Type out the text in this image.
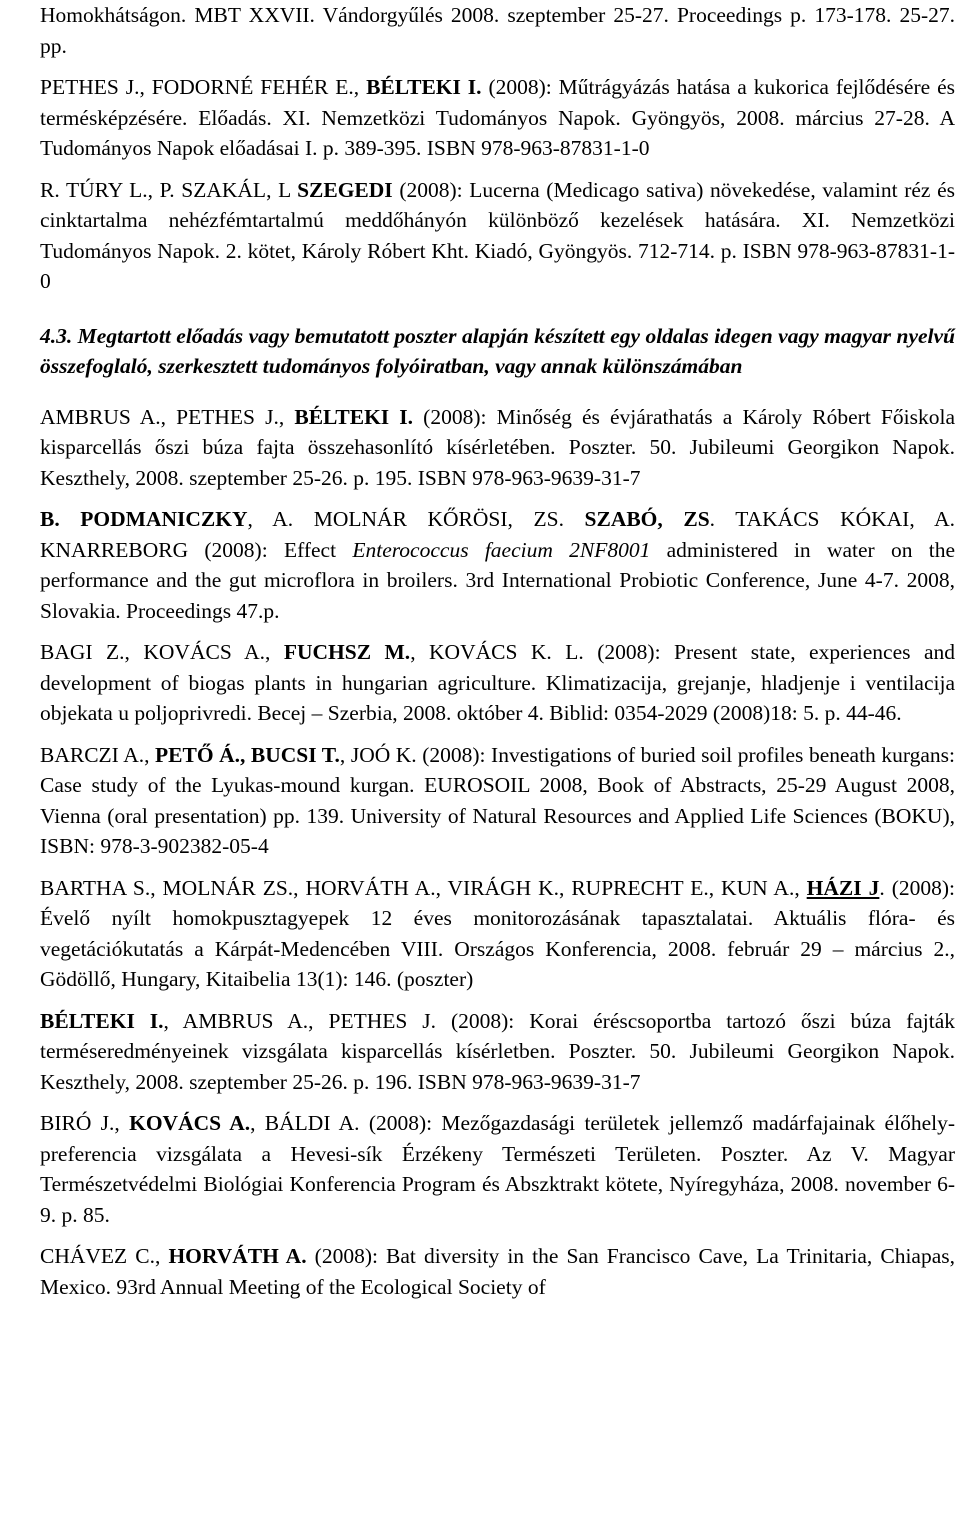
Homokhátságon. MBT XXVII. Vándorgyűlés 2008. szeptember 25-27. Proceedings p. 173-178. 25-27. pp.

PETHES J., FODORNÉ FEHÉR E., BÉLTEKI I. (2008): Műtrágyázás hatása a kukorica fejlődésére és termésképzésére. Előadás. XI. Nemzetközi Tudományos Napok. Gyöngyös, 2008. március 27-28. A Tudományos Napok előadásai I. p. 389-395. ISBN 978-963-87831-1-0

R. TÚRY L., P. SZAKÁL, L SZEGEDI (2008): Lucerna (Medicago sativa) növekedése, valamint réz és cinktartalma nehézfémtartalmú meddőhányón különböző kezelések hatására. XI. Nemzetközi Tudományos Napok. 2. kötet, Károly Róbert Kht. Kiadó, Gyöngyös. 712-714. p. ISBN 978-963-87831-1-0

4.3. Megtartott előadás vagy bemutatott poszter alapján készített egy oldalas idegen vagy magyar nyelvű összefoglaló, szerkesztett tudományos folyóiratban, vagy annak különszámában

AMBRUS A., PETHES J., BÉLTEKI I. (2008): Minőség és évjárathatás a Károly Róbert Főiskola kisparcellás őszi búza fajta összehasonlító kísérletében. Poszter. 50. Jubileumi Georgikon Napok. Keszthely, 2008. szeptember 25-26. p. 195. ISBN 978-963-9639-31-7

B. PODMANICZKY, A. MOLNÁR KŐRÖSI, ZS. SZABÓ, ZS. TAKÁCS KÓKAI, A. KNARREBORG (2008): Effect Enterococcus faecium 2NF8001 administered in water on the performance and the gut microflora in broilers. 3rd International Probiotic Conference, June 4-7. 2008, Slovakia. Proceedings 47.p.

BAGI Z., KOVÁCS A., FUCHSZ M., KOVÁCS K. L. (2008): Present state, experiences and development of biogas plants in hungarian agriculture. Klimatizacija, grejanje, hladjenje i ventilacija objekata u poljoprivredi. Becej – Szerbia, 2008. október 4. Biblid: 0354-2029 (2008)18: 5. p. 44-46.

BARCZI A., PETŐ Á., BUCSI T., JOÓ K. (2008): Investigations of buried soil profiles beneath kurgans: Case study of the Lyukas-mound kurgan. EUROSOIL 2008, Book of Abstracts, 25-29 August 2008, Vienna (oral presentation) pp. 139. University of Natural Resources and Applied Life Sciences (BOKU), ISBN: 978-3-902382-05-4

BARTHA S., MOLNÁR ZS., HORVÁTH A., VIRÁGH K., RUPRECHT E., KUN A., HÁZI J. (2008): Évelő nyílt homokpusztagyepek 12 éves monitorozásának tapasztalatai. Aktuális flóra- és vegetációkutatás a Kárpát-Medencében VIII. Országos Konferencia, 2008. február 29 – március 2., Gödöllő, Hungary, Kitaibelia 13(1): 146. (poszter)

BÉLTEKI I., AMBRUS A., PETHES J. (2008): Korai éréscsoportba tartozó őszi búza fajták terméseredményeinek vizsgálata kisparcellás kísérletben. Poszter. 50. Jubileumi Georgikon Napok. Keszthely, 2008. szeptember 25-26. p. 196. ISBN 978-963-9639-31-7

BIRÓ J., KOVÁCS A., BÁLDI A. (2008): Mezőgazdasági területek jellemző madárfajainak élőhely-preferencia vizsgálata a Hevesi-sík Érzékeny Természeti Területen. Poszter. Az V. Magyar Természetvédelmi Biológiai Konferencia Program és Abszktrakt kötete, Nyíregyháza, 2008. november 6-9. p. 85.

CHÁVEZ C., HORVÁTH A. (2008): Bat diversity in the San Francisco Cave, La Trinitaria, Chiapas, Mexico. 93rd Annual Meeting of the Ecological Society of
